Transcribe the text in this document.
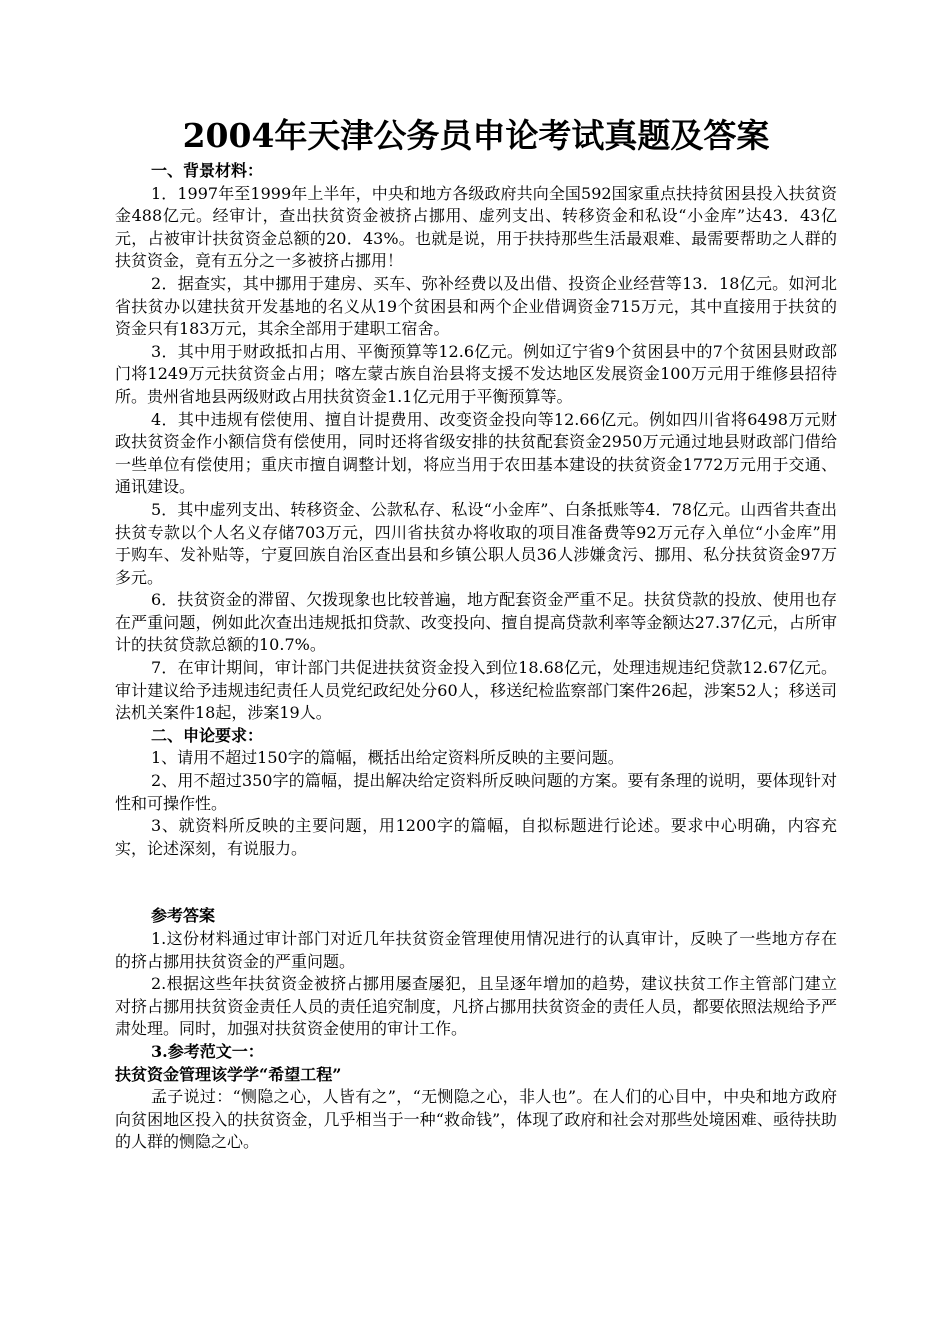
2004年天津公务员申论考试真题及答案

一、背景材料：

1．1997年至1999年上半年，中央和地方各级政府共向全国592国家重点扶持贫困县投入扶贫资金488亿元。经审计，查出扶贫资金被挤占挪用、虚列支出、转移资金和私设“小金库”达43．43亿元，占被审计扶贫资金总额的20．43%。也就是说，用于扶持那些生活最艰难、最需要帮助之人群的扶贫资金，竟有五分之一多被挤占挪用！

2．据查实，其中挪用于建房、买车、弥补经费以及出借、投资企业经营等13．18亿元。如河北省扶贫办以建扶贫开发基地的名义从19个贫困县和两个企业借调资金715万元，其中直接用于扶贫的资金只有183万元，其余全部用于建职工宿舍。

3．其中用于财政抵扣占用、平衡预算等12.6亿元。例如辽宁省9个贫困县中的7个贫困县财政部门将1249万元扶贫资金占用；喀左蒙古族自治县将支援不发达地区发展资金100万元用于维修县招待所。贵州省地县两级财政占用扶贫资金1.1亿元用于平衡预算等。

4．其中违规有偿使用、擅自计提费用、改变资金投向等12.66亿元。例如四川省将6498万元财政扶贫资金作小额信贷有偿使用，同时还将省级安排的扶贫配套资金2950万元通过地县财政部门借给一些单位有偿使用；重庆市擅自调整计划，将应当用于农田基本建设的扶贫资金1772万元用于交通、通讯建设。

5．其中虚列支出、转移资金、公款私存、私设“小金库”、白条抵账等4．78亿元。山西省共查出扶贫专款以个人名义存储703万元，四川省扶贫办将收取的项目准备费等92万元存入单位“小金库”用于购车、发补贴等，宁夏回族自治区查出县和乡镇公职人员36人涉嫌贪污、挪用、私分扶贫资金97万多元。

6．扶贫资金的滞留、欠拨现象也比较普遍，地方配套资金严重不足。扶贫贷款的投放、使用也存在严重问题，例如此次查出违规抵扣贷款、改变投向、擅自提高贷款利率等金额达27.37亿元，占所审计的扶贫贷款总额的10.7%。

7．在审计期间，审计部门共促进扶贫资金投入到位18.68亿元，处理违规违纪贷款12.67亿元。审计建议给予违规违纪责任人员党纪政纪处分60人，移送纪检监察部门案件26起，涉案52人；移送司法机关案件18起，涉案19人。

二、申论要求：

1、请用不超过150字的篇幅，概括出给定资料所反映的主要问题。

2、用不超过350字的篇幅，提出解决给定资料所反映问题的方案。要有条理的说明，要体现针对性和可操作性。

3、就资料所反映的主要问题，用1200字的篇幅，自拟标题进行论述。要求中心明确，内容充实，论述深刻，有说服力。

参考答案

1.这份材料通过审计部门对近几年扶贫资金管理使用情况进行的认真审计，反映了一些地方存在的挤占挪用扶贫资金的严重问题。

2.根据这些年扶贫资金被挤占挪用屡查屡犯，且呈逐年增加的趋势，建议扶贫工作主管部门建立对挤占挪用扶贫资金责任人员的责任追究制度，凡挤占挪用扶贫资金的责任人员，都要依照法规给予严肃处理。同时，加强对扶贫资金使用的审计工作。

3.参考范文一：

扶贫资金管理该学学“希望工程”

孟子说过：“恻隐之心，人皆有之”，“无恻隐之心，非人也”。在人们的心目中，中央和地方政府向贫困地区投入的扶贫资金，几乎相当于一种“救命钱”，体现了政府和社会对那些处境困难、亟待扶助的人群的恻隐之心。
